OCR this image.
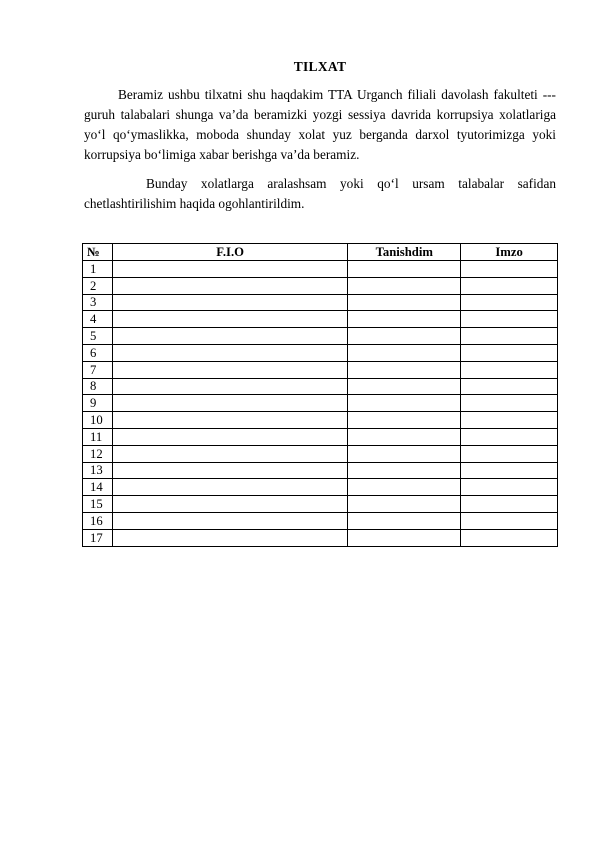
TILXAT
Beramiz ushbu tilxatni shu haqdakim TTA Urganch filiali davolash fakulteti --- guruh talabalari shunga va’da beramizki yozgi sessiya davrida korrupsiya xolatlariga yo‘l qo‘ymaslikka, moboda shunday xolat yuz berganda darxol tyutorimizga yoki korrupsiya bo‘limiga xabar berishga va’da beramiz.
Bunday xolatlarga aralashsam yoki qo‘l ursam talabalar safidan chetlashtirilishim haqida ogohlantirildim.
№	F.I.O	Tanishdim	Imzo
1			
2			
3			
4			
5			
6			
7			
8			
9			
10			
11			
12			
13			
14			
15			
16			
17			
